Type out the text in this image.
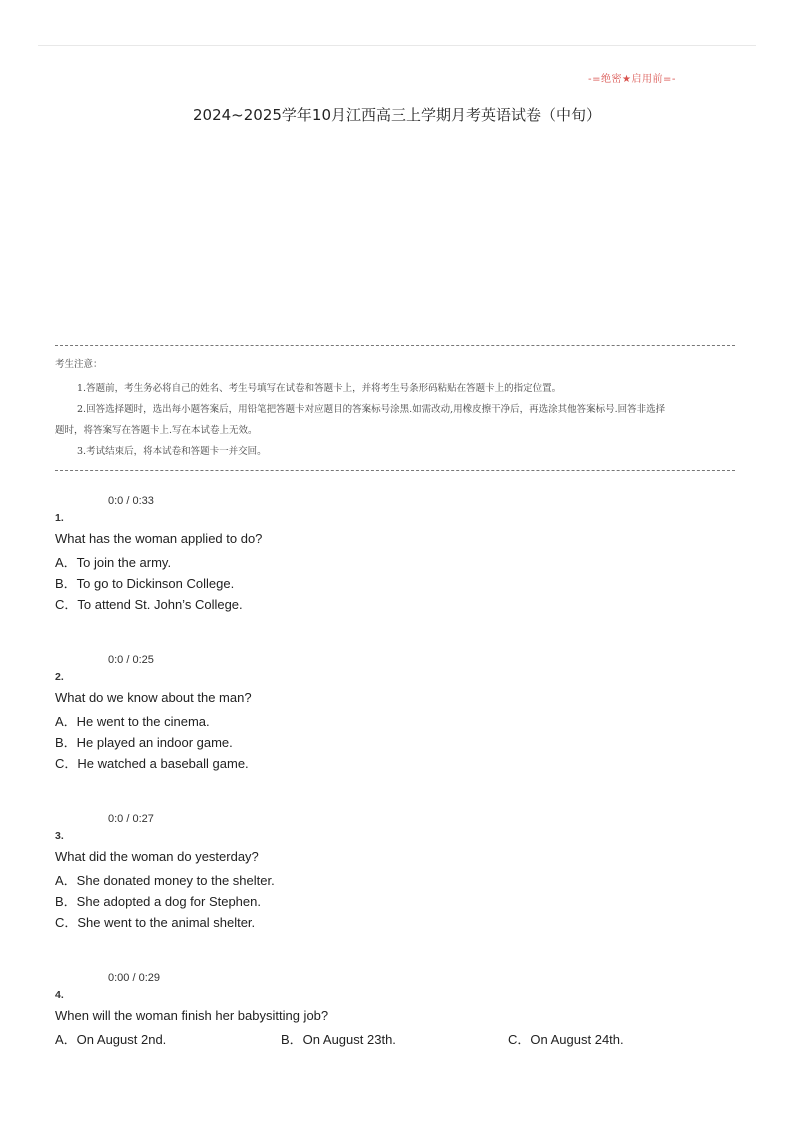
-=绝密★启用前=-
2024~2025学年10月江西高三上学期月考英语试卷（中旬）

考生注意：

1.答题前，考生务必将自己的姓名、考生号填写在试卷和答题卡上，并将考生号条形码粘贴在答题卡上的指定位置。

2.回答选择题时，选出每小题答案后，用铅笔把答题卡对应题目的答案标号涂黑.如需改动,用橡皮擦干净后，再选涂其他答案标号.回答非选择

题时，将答案写在答题卡上.写在本试卷上无效。

3.考试结束后，将本试卷和答题卡一并交回。

0:0 / 0:33
1.
What has the woman applied to do?
A．To join the army.
B．To go to Dickinson College.
C．To attend St. John’s College.
0:0 / 0:25
2.
What do we know about the man?
A．He went to the cinema.
B．He played an indoor game.
C．He watched a baseball game.
0:0 / 0:27
3.
What did the woman do yesterday?
A．She donated money to the shelter.
B．She adopted a dog for Stephen.
C．She went to the animal shelter.
0:00 / 0:29
4.
When will the woman finish her babysitting job?
A．On August 2nd.	B．On August 23th.	C．On August 24th.
